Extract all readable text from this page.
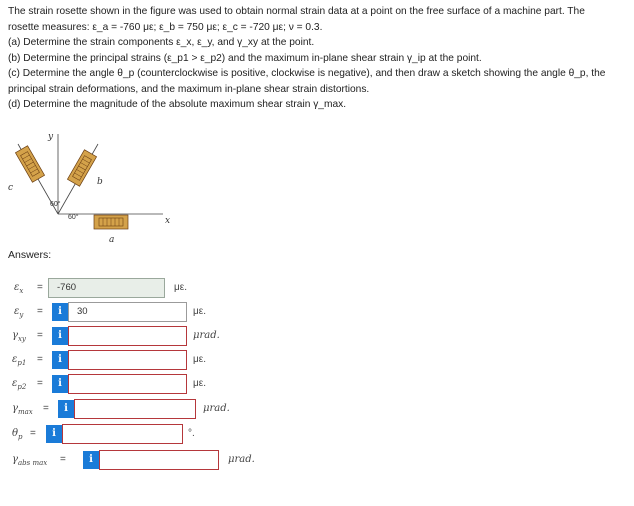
The strain rosette shown in the figure was used to obtain normal strain data at a point on the free surface of a machine part. The

rosette measures: ε_a = -760 με; ε_b = 750 με; ε_c = -720 με; ν = 0.3.

(a) Determine the strain components ε_x, ε_y, and γ_xy at the point.

(b) Determine the principal strains (ε_p1 > ε_p2) and the maximum in-plane shear strain γ_ip at the point.

(c) Determine the angle θ_p (counterclockwise is positive, clockwise is negative), and then draw a sketch showing the angle θ_p, the

principal strain deformations, and the maximum in-plane shear strain distortions.

(d) Determine the magnitude of the absolute maximum shear strain γ_max.

y
x
a
b
c
60°
60°
Answers:
$\varepsilon_x$ =	-760	με.
$\varepsilon_y$ =	i	30	με.
$\gamma_{xy}$ =	i	μrad.
$\varepsilon_{p1}$ =	i	με.
$\varepsilon_{p2}$ =	i	με.
$\gamma_{max}$ =	i	μrad.
$\theta_p$ =	i	°.
$\gamma_{abs max}$ =	i	μrad.
